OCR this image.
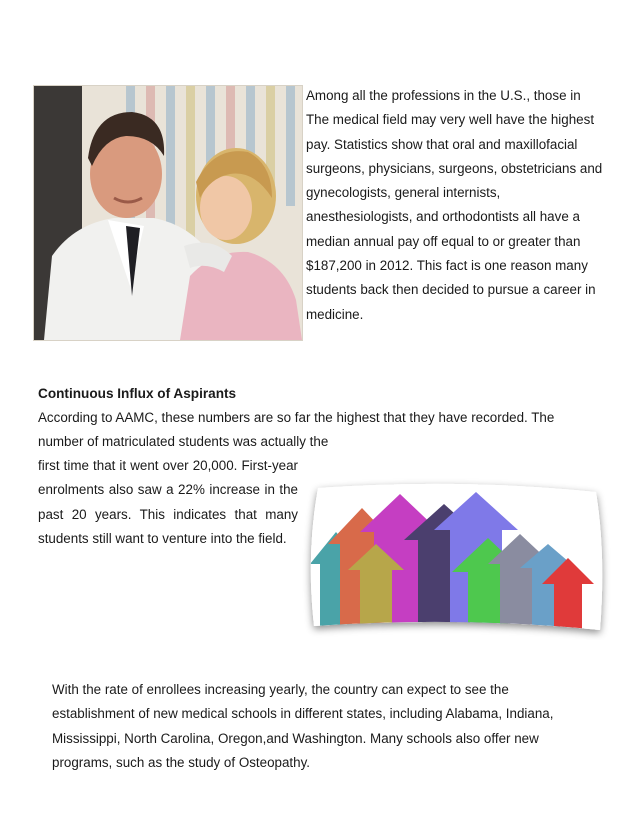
Among all the professions in the U.S., those in The medical field may very well have the highest pay. Statistics show that oral and maxillofacial surgeons, physicians, surgeons, obstetricians and gynecologists, general internists, anesthesiologists, and orthodontists all have a median annual pay off equal to or greater than $187,200 in 2012. This fact is one reason many students back then decided to pursue a career in medicine.

Continuous Influx of Aspirants

According to AAMC, these numbers are so far the highest that they have recorded. The number of matriculated students was actually the

first time that it went over 20,000. First-year enrolments also saw a 22% increase in the past 20 years. This indicates that many students still want to venture into the field.

With the rate of enrollees increasing yearly, the country can expect to see the establishment of new medical schools in different states, including Alabama, Indiana, Mississippi, North Carolina, Oregon,and Washington. Many schools also offer new programs, such as the study of Osteopathy.
